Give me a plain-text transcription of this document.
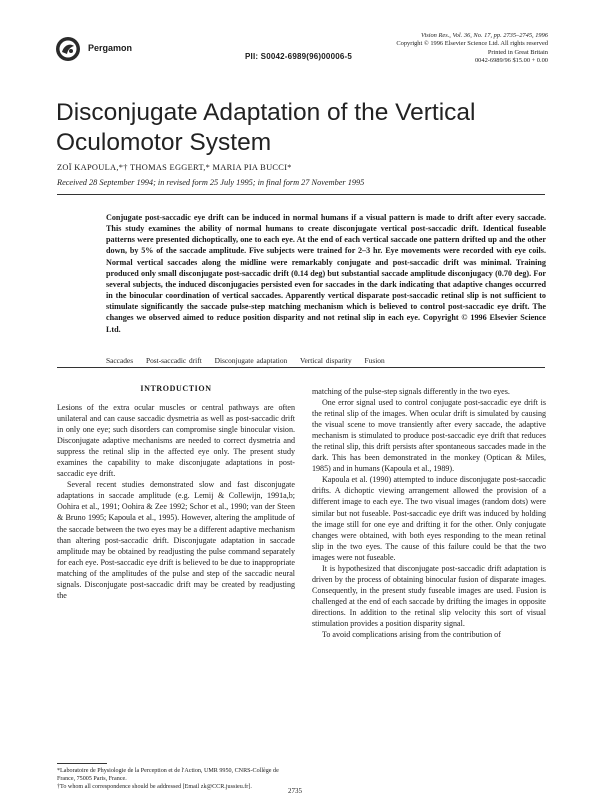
Pergamon
PII: S0042-6989(96)00006-5
Vision Res., Vol. 36, No. 17, pp. 2735–2745, 1996
Copyright © 1996 Elsevier Science Ltd. All rights reserved
Printed in Great Britain
0042-6989/96 $15.00 + 0.00
Disconjugate Adaptation of the Vertical Oculomotor System
ZOÏ KAPOULA,*† THOMAS EGGERT,* MARIA PIA BUCCI*
Received 28 September 1994; in revised form 25 July 1995; in final form 27 November 1995
Conjugate post-saccadic eye drift can be induced in normal humans if a visual pattern is made to drift after every saccade. This study examines the ability of normal humans to create disconjugate vertical post-saccadic drift. Identical fuseable patterns were presented dichoptically, one to each eye. At the end of each vertical saccade one pattern drifted up and the other down, by 5% of the saccade amplitude. Five subjects were trained for 2–3 hr. Eye movements were recorded with eye coils. Normal vertical saccades along the midline were remarkably conjugate and post-saccadic drift was minimal. Training produced only small disconjugate post-saccadic drift (0.14 deg) but substantial saccade amplitude disconjugacy (0.70 deg). For several subjects, the induced disconjugacies persisted even for saccades in the dark indicating that adaptive changes occurred in the binocular coordination of vertical saccades. Apparently vertical disparate post-saccadic retinal slip is not sufficient to stimulate significantly the saccade pulse-step matching mechanism which is believed to control post-saccadic eye drift. The changes we observed aimed to reduce position disparity and not retinal slip in each eye. Copyright © 1996 Elsevier Science Ltd.
Saccades Post-saccadic drift Disconjugate adaptation Vertical disparity Fusion
INTRODUCTION

Lesions of the extra ocular muscles or central pathways are often unilateral and can cause saccadic dysmetria as well as post-saccadic drift in only one eye; such disorders can compromise single binocular vision. Disconjugate adaptive mechanisms are needed to correct dysmetria and suppress the retinal slip in the affected eye only. The present study examines the capability to make disconjugate adaptations in post-saccadic eye drift.

Several recent studies demonstrated slow and fast disconjugate adaptations in saccade amplitude (e.g. Lemij & Collewijn, 1991a,b; Oohira et al., 1991; Oohira & Zee 1992; Schor et al., 1990; van der Steen & Bruno 1995; Kapoula et al., 1995). However, altering the amplitude of the saccade between the two eyes may be a different adaptive mechanism than altering post-saccadic drift. Disconjugate adaptation in saccade amplitude may be obtained by readjusting the pulse command separately for each eye. Post-saccadic eye drift is believed to be due to inappropriate matching of the amplitudes of the pulse and step of the saccadic neural signals. Disconjugate post-saccadic drift may be created by readjusting the

matching of the pulse-step signals differently in the two eyes.

One error signal used to control conjugate post-saccadic eye drift is the retinal slip of the images. When ocular drift is simulated by causing the visual scene to move transiently after every saccade, the adaptive mechanism is stimulated to produce post-saccadic eye drift that reduces the retinal slip, this drift persists after spontaneous saccades made in the dark. This has been demonstrated in the monkey (Optican & Miles, 1985) and in humans (Kapoula et al., 1989).

Kapoula et al. (1990) attempted to induce disconjugate post-saccadic drifts. A dichoptic viewing arrangement allowed the provision of a different image to each eye. The two visual images (random dots) were similar but not fuseable. Post-saccadic eye drift was induced by holding the image still for one eye and drifting it for the other. Only conjugate changes were obtained, with both eyes responding to the mean retinal slip in the two eyes. The cause of this failure could be that the two images were not fuseable.

It is hypothesized that disconjugate post-saccadic drift adaptation is driven by the process of obtaining binocular fusion of disparate images. Consequently, in the present study fuseable images are used. Fusion is challenged at the end of each saccade by drifting the images in opposite directions. In addition to the retinal slip velocity this sort of visual stimulation provides a position disparity signal.

To avoid complications arising from the contribution of

*Laboratoire de Physiologie de la Perception et de l'Action, UMR 9950, CNRS-Collège de France, 75005 Paris, France.
†To whom all correspondence should be addressed [Email zk@CCR.jussieu.fr].
2735
